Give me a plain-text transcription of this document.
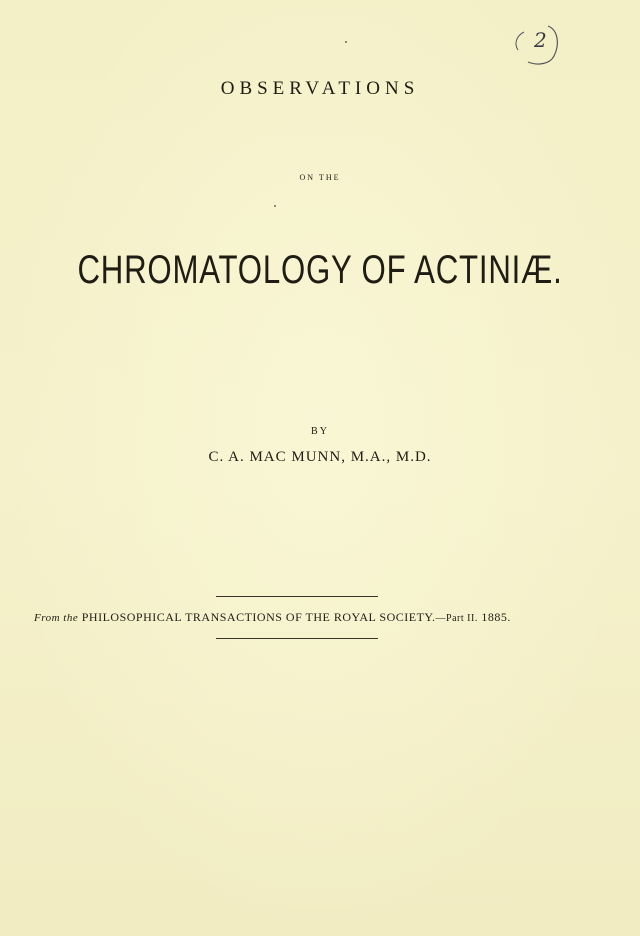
2
OBSERVATIONS
ON THE
CHROMATOLOGY OF ACTINIÆ.
BY
C. A. MAC MUNN, M.A., M.D.
From the PHILOSOPHICAL TRANSACTIONS OF THE ROYAL SOCIETY.—Part II. 1885.
